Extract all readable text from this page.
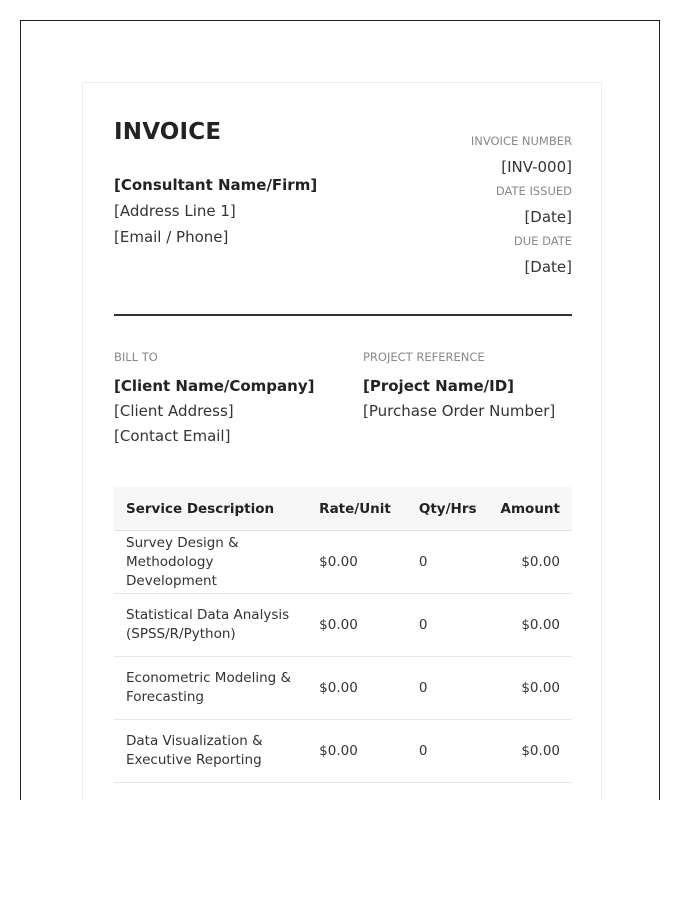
INVOICE
[Consultant Name/Firm]
[Address Line 1]
[Email / Phone]
INVOICE NUMBER
[INV-000]
DATE ISSUED
[Date]
DUE DATE
[Date]
BILL TO
[Client Name/Company]
[Client Address]
[Contact Email]
PROJECT REFERENCE
[Project Name/ID]
[Purchase Order Number]
Service Description	Rate/Unit	Qty/Hrs	Amount
Survey Design & Methodology Development	$0.00	0	$0.00
Statistical Data Analysis (SPSS/R/Python)	$0.00	0	$0.00
Econometric Modeling & Forecasting	$0.00	0	$0.00
Data Visualization & Executive Reporting	$0.00	0	$0.00
